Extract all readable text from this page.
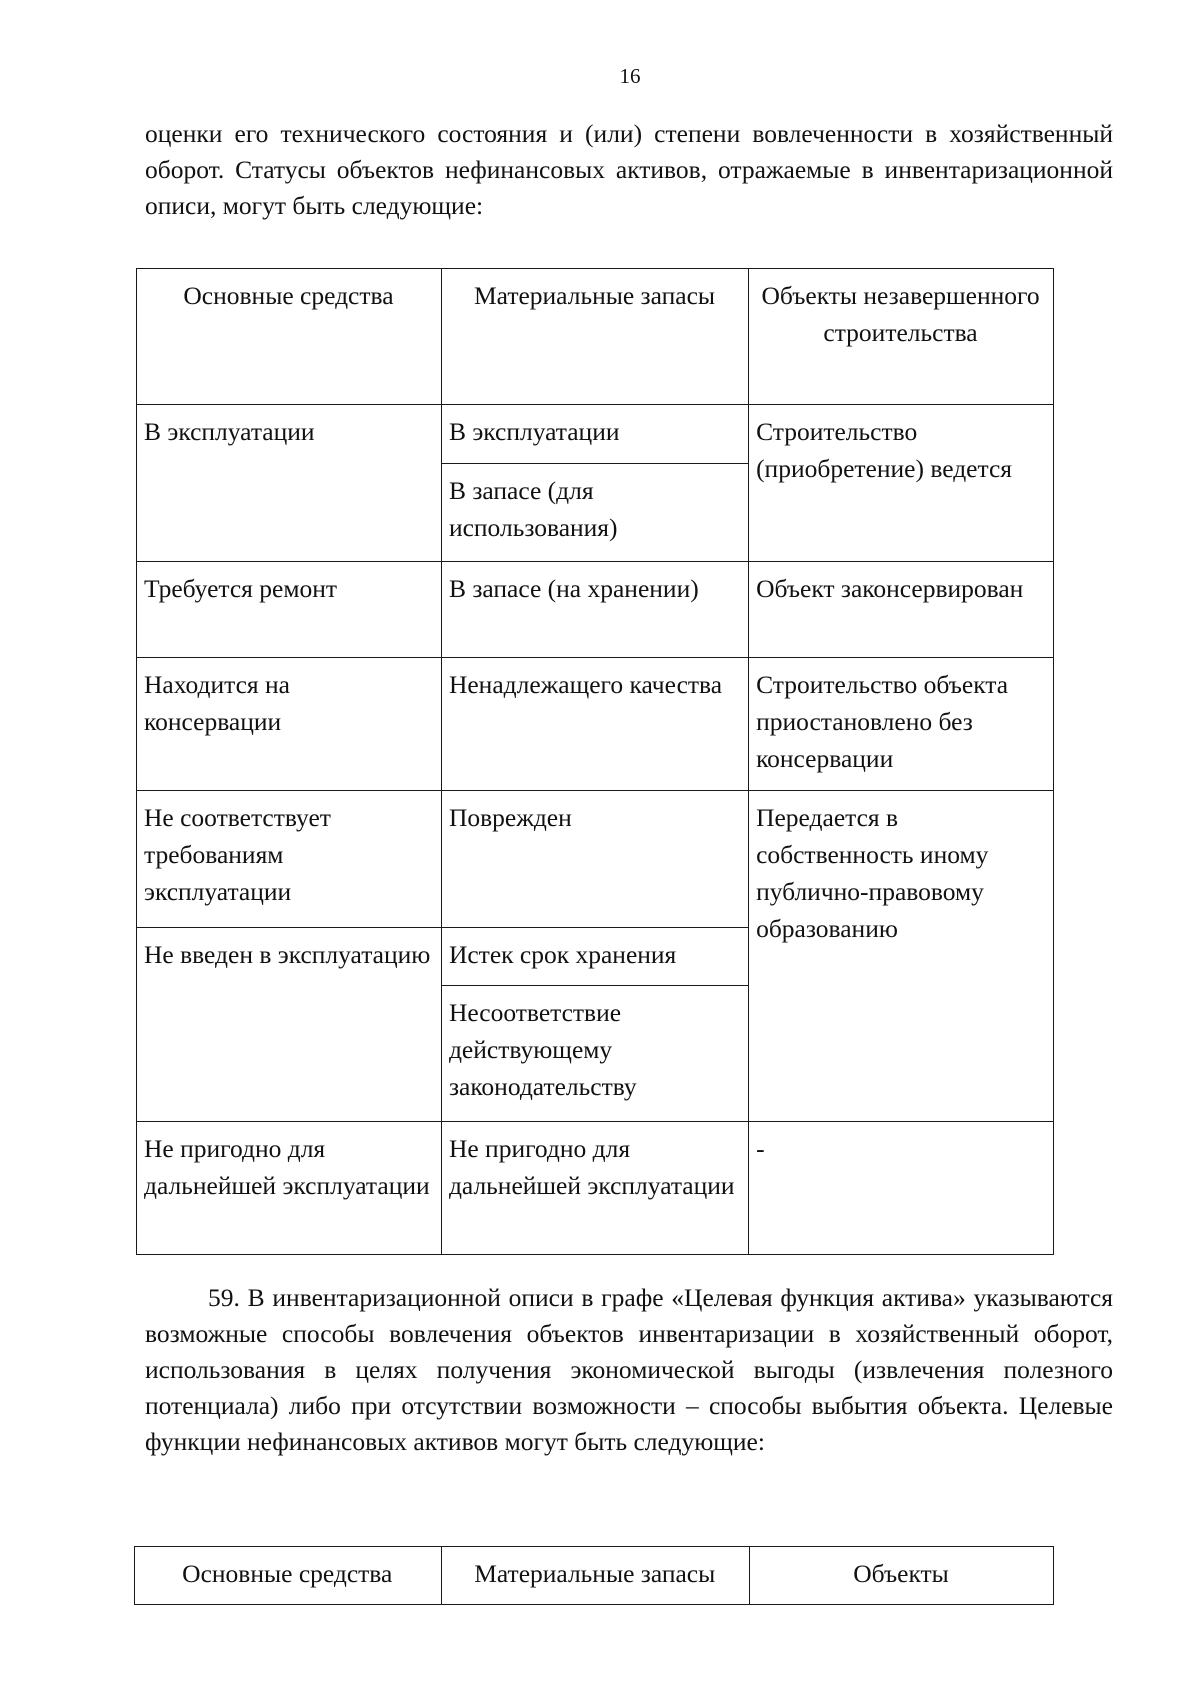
16

оценки его технического состояния и (или) степени вовлеченности в хозяйственный оборот. Статусы объектов нефинансовых активов, отражаемые в инвентаризационной описи, могут быть следующие:

Основные средства	Материальные запасы	Объекты незавершенного строительства
В эксплуатации	В эксплуатации	Строительство (приобретение) ведется
	В запасе (для использования)	
Требуется ремонт	В запасе (на хранении)	Объект законсервирован
Находится на консервации	Ненадлежащего качества	Строительство объекта приостановлено без консервации
Не соответствует требованиям эксплуатации	Поврежден	Передается в собственность иному публично-правовому образованию
Не введен в эксплуатацию	Истек срок хранения	
	Несоответствие действующему законодательству	
Не пригодно для дальнейшей эксплуатации	Не пригодно для дальнейшей эксплуатации	-

59. В инвентаризационной описи в графе «Целевая функция актива» указываются возможные способы вовлечения объектов инвентаризации в хозяйственный оборот, использования в целях получения экономической выгоды (извлечения полезного потенциала) либо при отсутствии возможности – способы выбытия объекта. Целевые функции нефинансовых активов могут быть следующие:

Основные средства	Материальные запасы	Объекты
